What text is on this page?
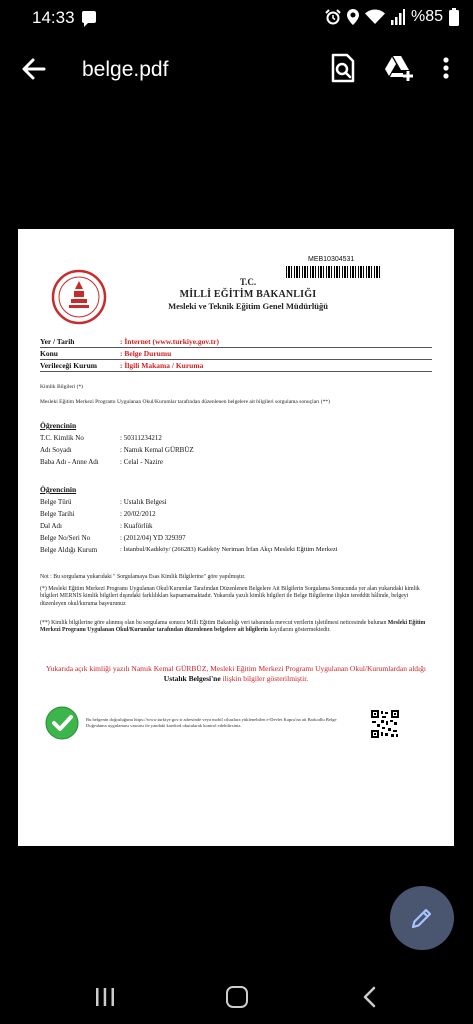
14:33	%85
belge.pdf
MEB10304531
T.C.
MİLLİ EĞİTİM BAKANLIĞI
Mesleki ve Teknik Eğitim Genel Müdürlüğü
Yer / Tarih	: İnternet (www.turkiye.gov.tr)
Konu	: Belge Durumu
Verileceği Kurum	: İlgili Makama / Kuruma
Kimlik Bilgileri (*)
Mesleki Eğitim Merkezi Programı Uygulanan Okul/Kurumlar tarafından düzenlenen belgelere ait bilgileri sorgulama sonuçları (**)
Öğrencinin
T.C. Kimlik No	: 50311234212
Adı Soyadı	: Namık Kemal GÜRBÜZ
Baba Adı - Anne Adı	: Celal - Nazire
Öğrencinin
Belge Türü	: Ustalık Belgesi
Belge Tarihi	: 20/02/2012
Dal Adı	: Kuaförlük
Belge No/Seri No	: (2012/04) YD 329397
Belge Aldığı Kurum	: İstanbul/Kadıköy/ (266283) Kadıköy Neriman İrfan Akçı Mesleki Eğitim Merkezi
Not : Bu sorgulama yukarıdaki " Sorgulamaya Esas Kimlik Bilgilerine" göre yapılmıştır.
(*) Mesleki Eğitim Merkezi Programı Uygulanan Okul/Kurumlar Tarafından Düzenlenen Belgelere Ait Bilgilerin Sorgulama Sonucunda yer alan yukarıdaki kimlik bilgileri MERNİS kimlik bilgileri dışındaki farklılıkları kapsamamaktadır. Yukarıda yazılı kimlik bilgileri ile Belge Bilgilerine ilişkin tereddüt hâlinde, belgeyi düzenleyen okul/kuruma başvurunuz
(**) Kimlik bilgilerine göre alınmış olan bu sorgulama sonucu Milli Eğitim Bakanlığı veri tabanında mevcut verilerin işletilmesi neticesinde bulunan Mesleki Eğitim Merkezi Programı Uygulanan Okul/Kurumlar tarafından düzenlenen belgelere ait bilgilerin kayıtlarını göstermektedir.
Yukarıda açık kimliği yazılı Namık Kemal GÜRBÜZ, Mesleki Eğitim Merkezi Programı Uygulanan Okul/Kurumlardan aldığı Ustalık Belgesi'ne ilişkin bilgiler gösterilmiştir.
Bu belgenin doğruluğunu https://www.turkiye.gov.tr adresinde veya mobil cihazlara yüklenebilen e-Devlet Kapısı'na ait Barkodlu Belge Doğrulama uygulaması vasıtası ile yandaki karekod okutularak kontrol edebilirsiniz.
